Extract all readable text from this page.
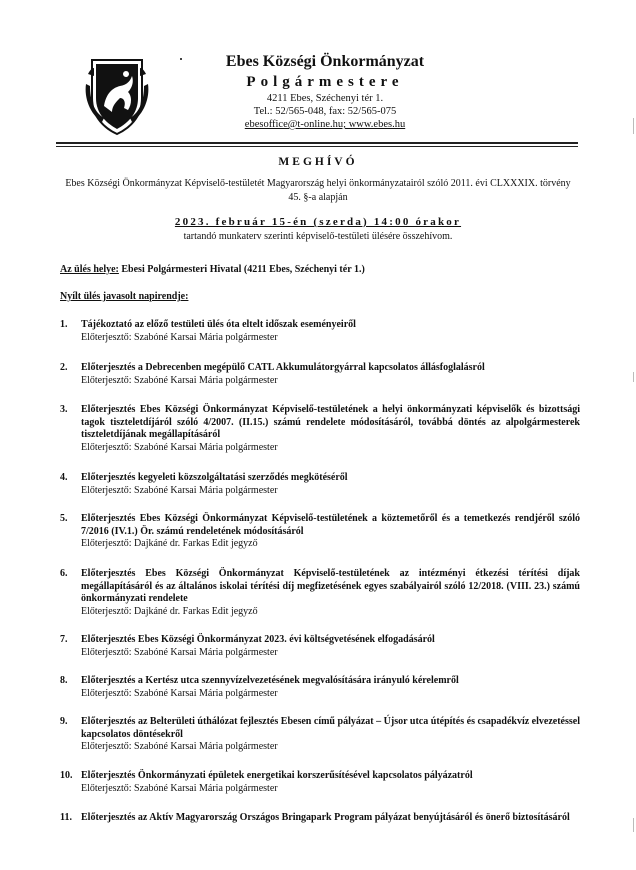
Ebes Községi Önkormányzat
Polgármestere
4211 Ebes, Széchenyi tér 1.
Tel.: 52/565-048, fax: 52/565-075
ebesoffice@t-online.hu; www.ebes.hu
MEGHÍVÓ
Ebes Községi Önkormányzat Képviselő-testületét Magyarország helyi önkormányzatairól szóló 2011. évi CLXXXIX. törvény 45. §-a alapján
2023. február 15-én (szerda) 14:00 órakor
tartandó munkaterv szerinti képviselő-testületi ülésére összehívom.
Az ülés helye: Ebesi Polgármesteri Hivatal (4211 Ebes, Széchenyi tér 1.)
Nyílt ülés javasolt napirendje:
1.	Tájékoztató az előző testületi ülés óta eltelt időszak eseményeiről
Előterjesztő: Szabóné Karsai Mária polgármester
2.	Előterjesztés a Debrecenben megépülő CATL Akkumulátorgyárral kapcsolatos állásfoglalásról
Előterjesztő: Szabóné Karsai Mária polgármester
3.	Előterjesztés Ebes Községi Önkormányzat Képviselő-testületének a helyi önkormányzati képviselők és bizottsági tagok tiszteletdíjáról szóló 4/2007. (II.15.) számú rendelete módosításáról, továbbá döntés az alpolgármesterek tiszteletdíjának megállapításáról
Előterjesztő: Szabóné Karsai Mária polgármester
4.	Előterjesztés kegyeleti közszolgáltatási szerződés megkötéséről
Előterjesztő: Szabóné Karsai Mária polgármester
5.	Előterjesztés Ebes Községi Önkormányzat Képviselő-testületének a köztemetőről és a temetkezés rendjéről szóló 7/2016 (IV.1.) Ör. számú rendeletének módosításáról
Előterjesztő: Dajkáné dr. Farkas Edit jegyző
6.	Előterjesztés Ebes Községi Önkormányzat Képviselő-testületének az intézményi étkezési térítési díjak megállapításáról és az általános iskolai térítési díj megfizetésének egyes szabályairól szóló 12/2018. (VIII. 23.) számú önkormányzati rendelete
Előterjesztő: Dajkáné dr. Farkas Edit jegyző
7.	Előterjesztés Ebes Községi Önkormányzat 2023. évi költségvetésének elfogadásáról
Előterjesztő: Szabóné Karsai Mária polgármester
8.	Előterjesztés a Kertész utca szennyvízelvezetésének megvalósítására irányuló kérelemről
Előterjesztő: Szabóné Karsai Mária polgármester
9.	Előterjesztés az Belterületi úthálózat fejlesztés Ebesen című pályázat – Újsor utca útépítés és csapadékvíz elvezetéssel kapcsolatos döntésekről
Előterjesztő: Szabóné Karsai Mária polgármester
10. Előterjesztés Önkormányzati épületek energetikai korszerűsítésével kapcsolatos pályázatról
Előterjesztő: Szabóné Karsai Mária polgármester
11. Előterjesztés az Aktív Magyarország Országos Bringapark Program pályázat benyújtásáról és önerő biztosításáról
